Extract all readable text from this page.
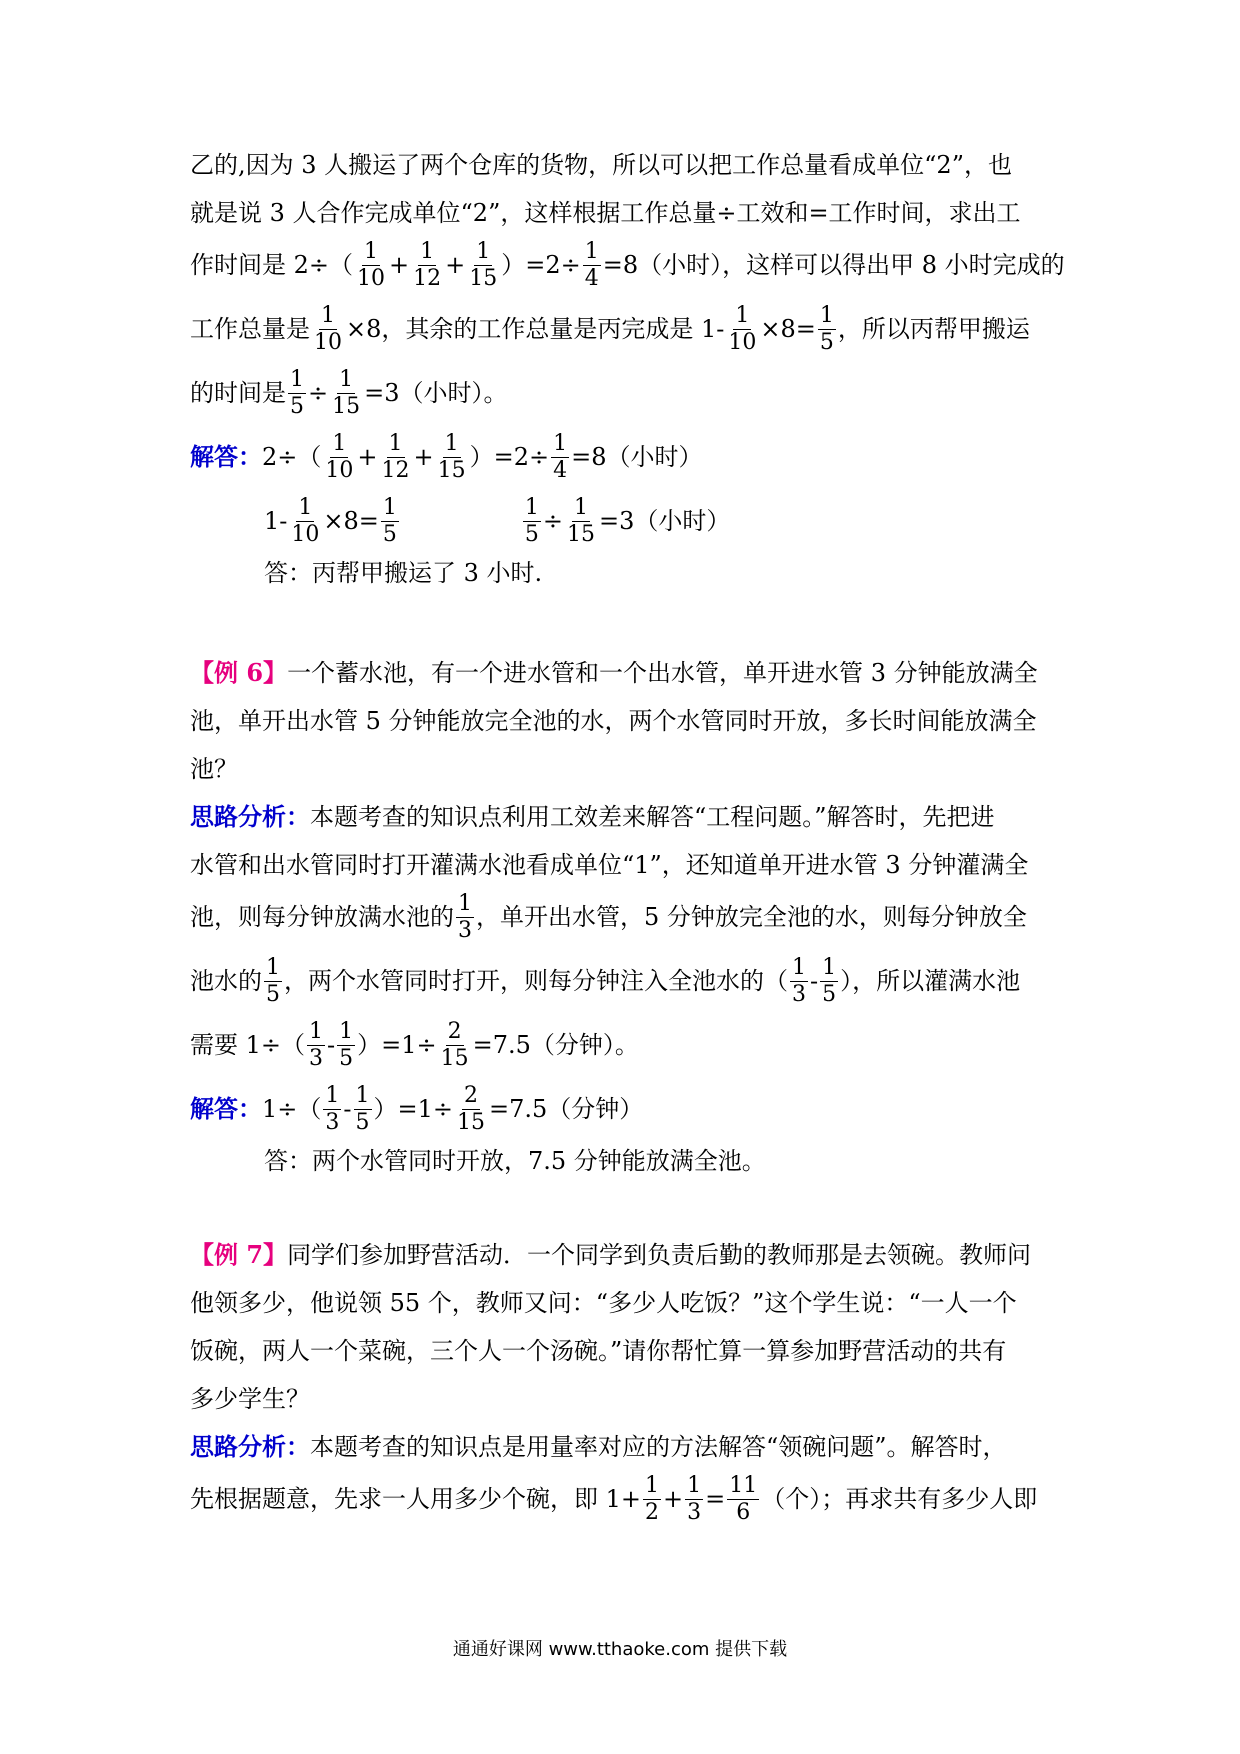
乙的,因为 3 人搬运了两个仓库的货物，所以可以把工作总量看成单位“2”，也
就是说 3 人合作完成单位“2”，这样根据工作总量÷工效和=工作时间，求出工
作时间是 $2\div( \frac{1}{10} + \frac{1}{12} + \frac{1}{15} )=2\div \frac{1}{4} =8$（小时），这样可以得出甲 8 小时完成的
工作总量是 $\frac{1}{10} \times 8$，其余的工作总量是丙完成是 $1- \frac{1}{10} \times 8= \frac{1}{5}$ ，所以丙帮甲搬运
的时间是 $\frac{1}{5} \div \frac{1}{15} =3$（小时）。
解答： $2\div( \frac{1}{10} + \frac{1}{12} + \frac{1}{15} )=2\div \frac{1}{4} =8$（小时）
$1- \frac{1}{10} \times 8= \frac{1}{5}$	$\frac{1}{5} \div \frac{1}{15} =3$（小时）
答：丙帮甲搬运了 3 小时.
【例 6】一个蓄水池，有一个进水管和一个出水管，单开进水管 3 分钟能放满全
池，单开出水管 5 分钟能放完全池的水，两个水管同时开放，多长时间能放满全
池？
思路分析：本题考查的知识点利用工效差来解答“工程问题。”解答时，先把进
水管和出水管同时打开灌满水池看成单位“1”，还知道单开进水管 3 分钟灌满全
池，则每分钟放满水池的 $\frac{1}{3}$ ，单开出水管，5 分钟放完全池的水，则每分钟放全
池水的 $\frac{1}{5}$ ，两个水管同时打开，则每分钟注入全池水的（ $\frac{1}{3} - \frac{1}{5}$ ），所以灌满水池
需要 $1\div( \frac{1}{3} - \frac{1}{5} )=1\div \frac{2}{15} =7.5$（分钟）。
解答： $1\div( \frac{1}{3} - \frac{1}{5} )=1\div \frac{2}{15} =7.5$（分钟）
答：两个水管同时开放，7.5 分钟能放满全池。
【例 7】同学们参加野营活动．一个同学到负责后勤的教师那是去领碗。教师问
他领多少，他说领 55 个，教师又问：“多少人吃饭？”这个学生说：“一人一个
饭碗，两人一个菜碗，三个人一个汤碗。”请你帮忙算一算参加野营活动的共有
多少学生？
思路分析：本题考查的知识点是用量率对应的方法解答“领碗问题”。解答时，
先根据题意，先求一人用多少个碗，即 $1+ \frac{1}{2} + \frac{1}{3} = \frac{11}{6}$ （个）；再求共有多少人即
通通好课网 www.tthaoke.com 提供下载
